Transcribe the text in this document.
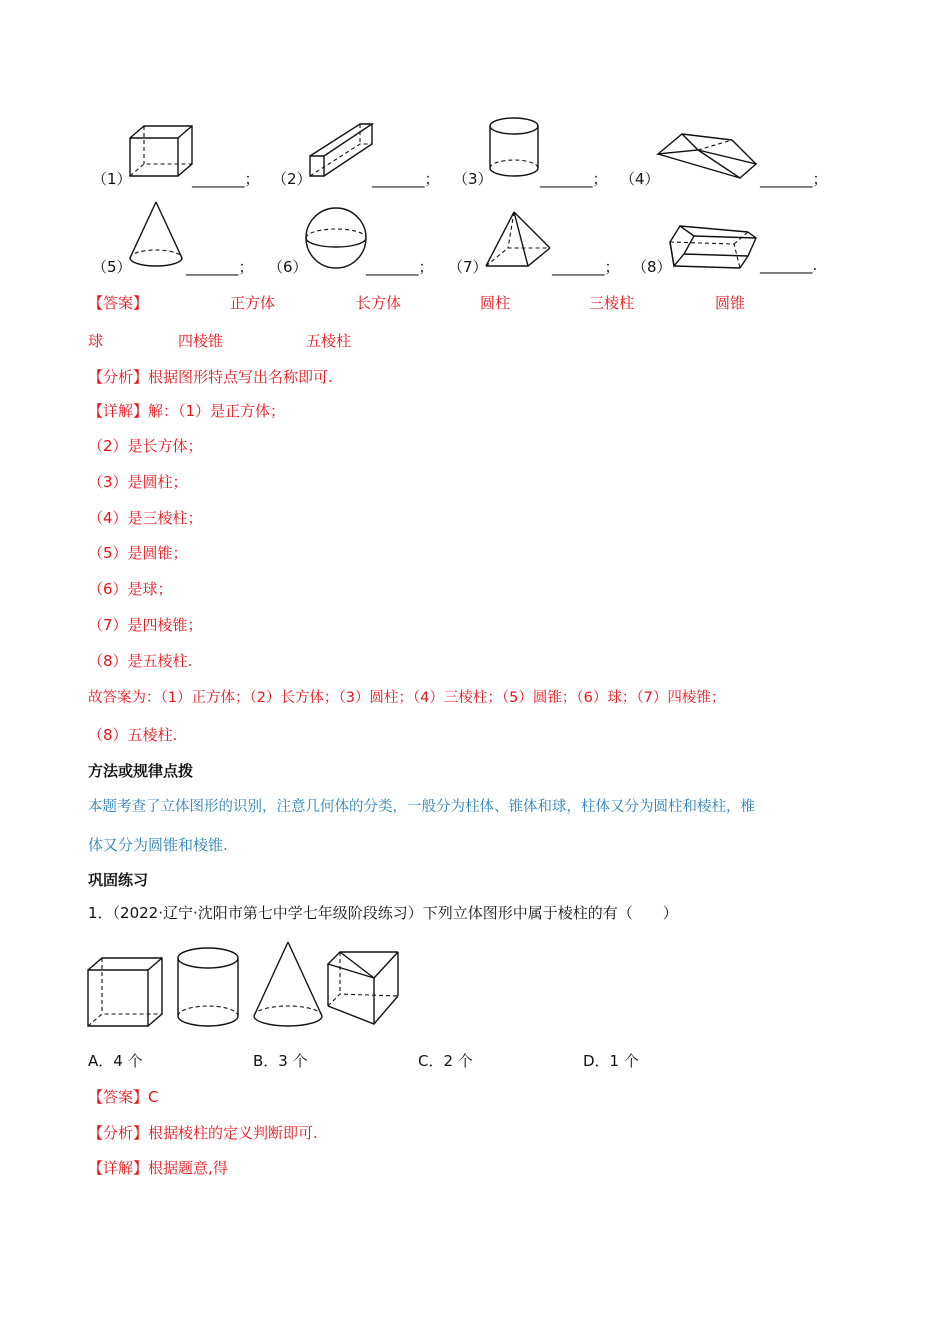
（1）	_______； （2）	_______； （3）	_______； （4）	_______；
（5）	_______； （6）	_______； （7）	_______； （8）	_______.
【答案】	正方体	长方体	圆柱	三棱柱	圆锥
球	四棱锥	五棱柱
【分析】根据图形特点写出名称即可.
【详解】解：（1）是正方体；
（2）是长方体；
（3）是圆柱；
（4）是三棱柱；
（5）是圆锥；
（6）是球；
（7）是四棱锥；
（8）是五棱柱.
故答案为：（1）正方体；（2）长方体；（3）圆柱；（4）三棱柱；（5）圆锥；（6）球；（7）四棱锥；
（8）五棱柱.
方法或规律点拨
本题考查了立体图形的识别，注意几何体的分类，一般分为柱体、锥体和球，柱体又分为圆柱和棱柱，椎
体又分为圆锥和棱锥.
巩固练习
1．（2022·辽宁·沈阳市第七中学七年级阶段练习）下列立体图形中属于棱柱的有（　　）
A．4 个	B．3 个	C．2 个	D．1 个
【答案】C
【分析】根据棱柱的定义判断即可.
【详解】根据题意,得
